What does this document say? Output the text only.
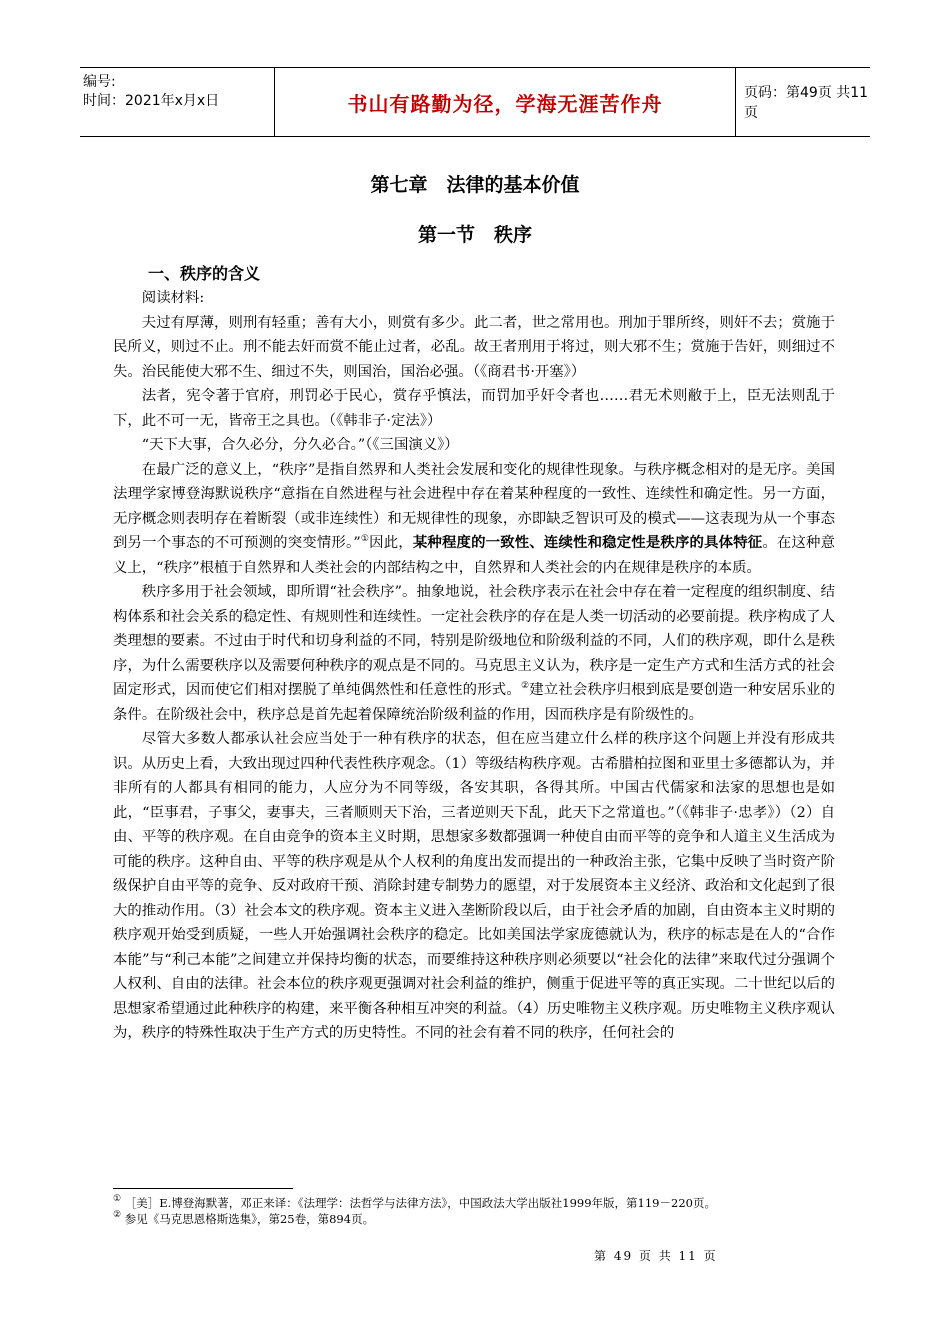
编号:
时间：2021年x月x日	书山有路勤为径，学海无涯苦作舟	页码：第49页 共11页
第七章　法律的基本价值
第一节　秩序
一、秩序的含义

阅读材料:

夫过有厚薄，则刑有轻重；善有大小，则赏有多少。此二者，世之常用也。刑加于罪所终，则奸不去；赏施于民所义，则过不止。刑不能去奸而赏不能止过者，必乱。故王者刑用于将过，则大邪不生；赏施于告奸，则细过不失。治民能使大邪不生、细过不失，则国治，国治必强。（《商君书·开塞》）

法者，宪令著于官府，刑罚必于民心，赏存乎慎法，而罚加乎奸令者也……君无术则敝于上，臣无法则乱于下，此不可一无，皆帝王之具也。（《韩非子·定法》）

“天下大事，合久必分，分久必合。”（《三国演义》）

在最广泛的意义上，“秩序”是指自然界和人类社会发展和变化的规律性现象。与秩序概念相对的是无序。美国法理学家博登海默说秩序“意指在自然进程与社会进程中存在着某种程度的一致性、连续性和确定性。另一方面，无序概念则表明存在着断裂（或非连续性）和无规律性的现象，亦即缺乏智识可及的模式——这表现为从一个事态到另一个事态的不可预测的突变情形。”①因此，某种程度的一致性、连续性和稳定性是秩序的具体特征。在这种意义上，“秩序”根植于自然界和人类社会的内部结构之中，自然界和人类社会的内在规律是秩序的本质。

秩序多用于社会领域，即所谓“社会秩序”。抽象地说，社会秩序表示在社会中存在着一定程度的组织制度、结构体系和社会关系的稳定性、有规则性和连续性。一定社会秩序的存在是人类一切活动的必要前提。秩序构成了人类理想的要素。不过由于时代和切身利益的不同，特别是阶级地位和阶级利益的不同，人们的秩序观，即什么是秩序，为什么需要秩序以及需要何种秩序的观点是不同的。马克思主义认为，秩序是一定生产方式和生活方式的社会固定形式，因而使它们相对摆脱了单纯偶然性和任意性的形式。②建立社会秩序归根到底是要创造一种安居乐业的条件。在阶级社会中，秩序总是首先起着保障统治阶级利益的作用，因而秩序是有阶级性的。

尽管大多数人都承认社会应当处于一种有秩序的状态，但在应当建立什么样的秩序这个问题上并没有形成共识。从历史上看，大致出现过四种代表性秩序观念。（1）等级结构秩序观。古希腊柏拉图和亚里士多德都认为，并非所有的人都具有相同的能力，人应分为不同等级，各安其职，各得其所。中国古代儒家和法家的思想也是如此，“臣事君，子事父，妻事夫，三者顺则天下治，三者逆则天下乱，此天下之常道也。”（《韩非子·忠孝》）（2）自由、平等的秩序观。在自由竞争的资本主义时期，思想家多数都强调一种使自由而平等的竞争和人道主义生活成为可能的秩序。这种自由、平等的秩序观是从个人权利的角度出发而提出的一种政治主张，它集中反映了当时资产阶级保护自由平等的竞争、反对政府干预、消除封建专制势力的愿望，对于发展资本主义经济、政治和文化起到了很大的推动作用。（3）社会本文的秩序观。资本主义进入垄断阶段以后，由于社会矛盾的加剧，自由资本主义时期的秩序观开始受到质疑，一些人开始强调社会秩序的稳定。比如美国法学家庞德就认为，秩序的标志是在人的“合作本能”与“利己本能”之间建立并保持均衡的状态，而要维持这种秩序则必须要以“社会化的法律”来取代过分强调个人权利、自由的法律。社会本位的秩序观更强调对社会利益的维护，侧重于促进平等的真正实现。二十世纪以后的思想家希望通过此种秩序的构建，来平衡各种相互冲突的利益。（4）历史唯物主义秩序观。历史唯物主义秩序观认为，秩序的特殊性取决于生产方式的历史特性。不同的社会有着不同的秩序，任何社会的

① ［美］E.博登海默著，邓正来译：《法理学：法哲学与法律方法》，中国政法大学出版社1999年版，第119－220页。
② 参见《马克思恩格斯选集》，第25卷，第894页。
第 49 页 共 11 页
